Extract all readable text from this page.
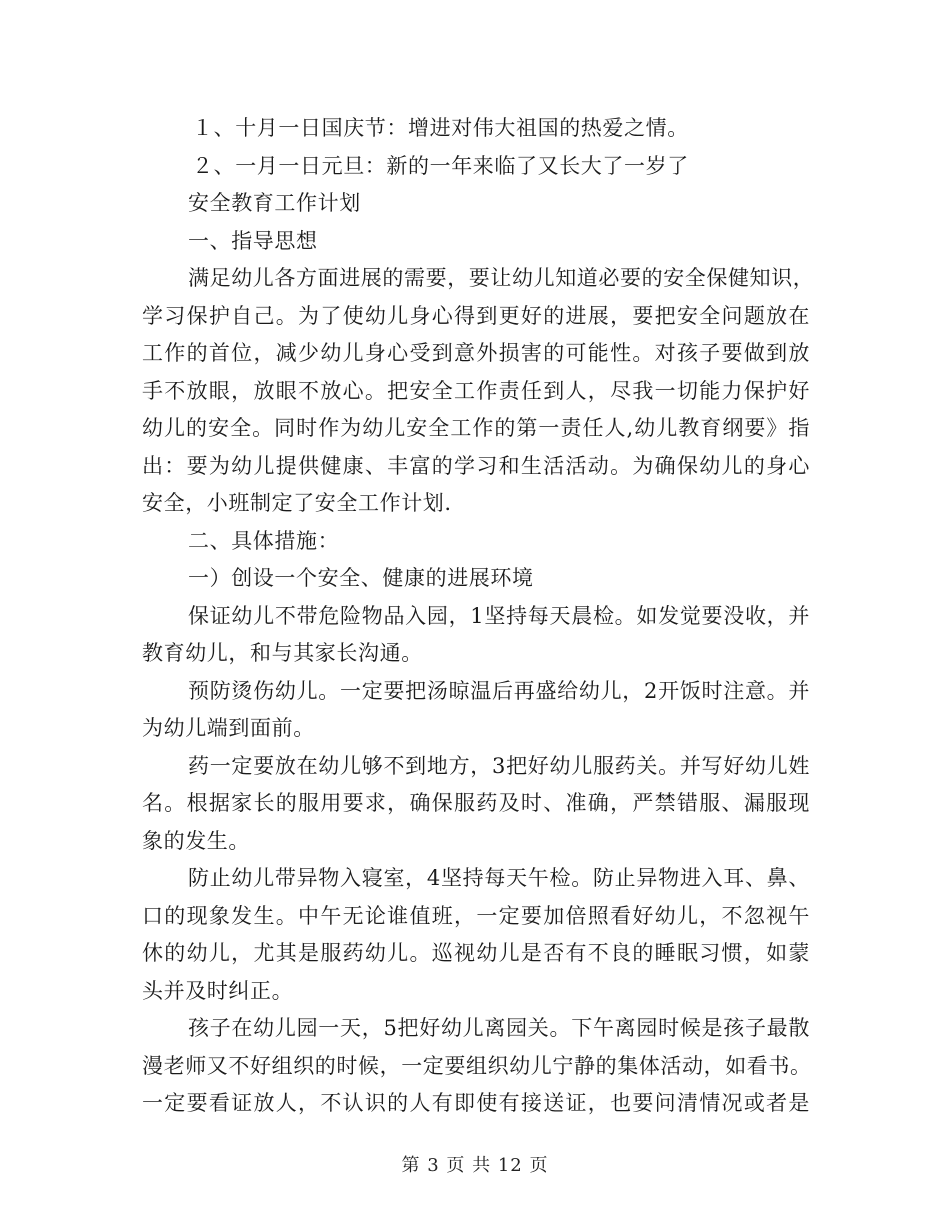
１、十月一日国庆节：增进对伟大祖国的热爱之情。
２、一月一日元旦：新的一年来临了又长大了一岁了
安全教育工作计划
一、指导思想
满足幼儿各方面进展的需要，要让幼儿知道必要的安全保健知识，
学习保护自己。为了使幼儿身心得到更好的进展，要把安全问题放在
工作的首位，减少幼儿身心受到意外损害的可能性。对孩子要做到放
手不放眼，放眼不放心。把安全工作责任到人，尽我一切能力保护好
幼儿的安全。同时作为幼儿安全工作的第一责任人,幼儿教育纲要》指
出：要为幼儿提供健康、丰富的学习和生活活动。为确保幼儿的身心
安全，小班制定了安全工作计划.
二、具体措施：
一）创设一个安全、健康的进展环境
保证幼儿不带危险物品入园，1坚持每天晨检。如发觉要没收，并
教育幼儿，和与其家长沟通。
预防烫伤幼儿。一定要把汤晾温后再盛给幼儿，2开饭时注意。并
为幼儿端到面前。
药一定要放在幼儿够不到地方，3把好幼儿服药关。并写好幼儿姓
名。根据家长的服用要求，确保服药及时、准确，严禁错服、漏服现
象的发生。
防止幼儿带异物入寝室，4坚持每天午检。防止异物进入耳、鼻、
口的现象发生。中午无论谁值班，一定要加倍照看好幼儿，不忽视午
休的幼儿，尤其是服药幼儿。巡视幼儿是否有不良的睡眠习惯，如蒙
头并及时纠正。
孩子在幼儿园一天，5把好幼儿离园关。下午离园时候是孩子最散
漫老师又不好组织的时候，一定要组织幼儿宁静的集体活动，如看书。
一定要看证放人，不认识的人有即使有接送证，也要问清情况或者是
第 3 页 共 12 页
